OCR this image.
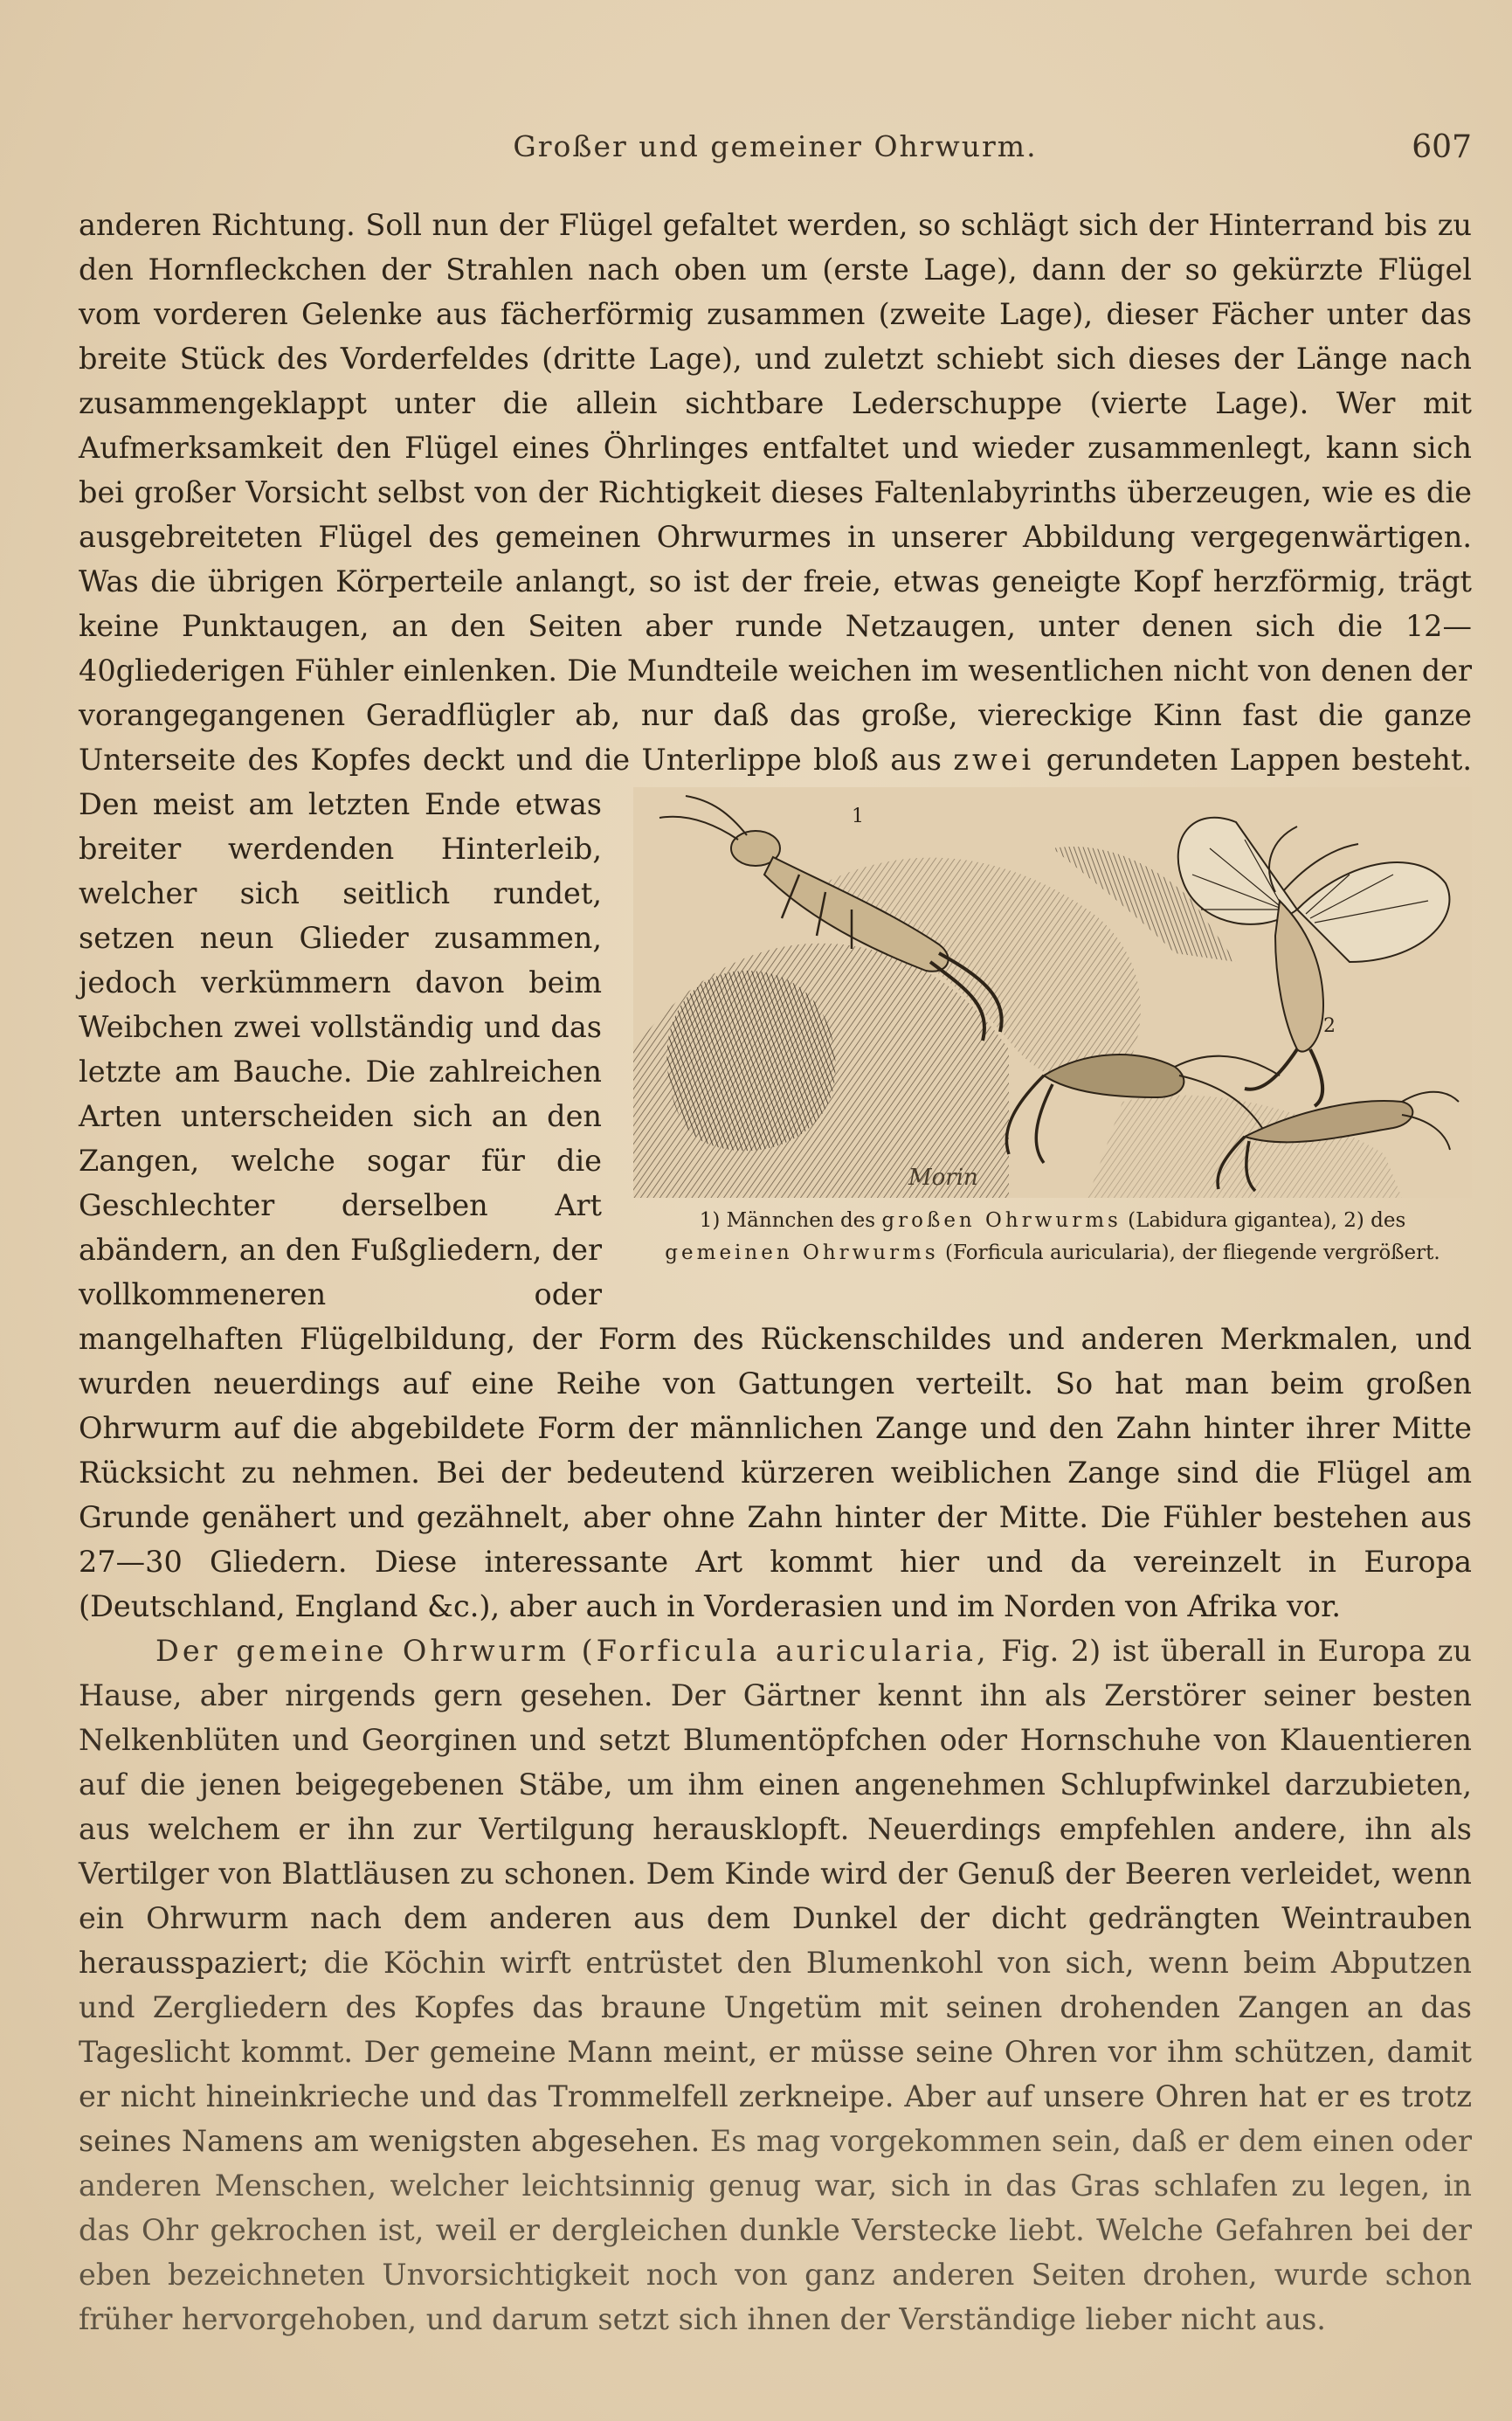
Großer und gemeiner Ohrwurm.	607

anderen Richtung. Soll nun der Flügel gefaltet werden, so schlägt sich der Hinterrand bis zu den Hornfleckchen der Strahlen nach oben um (erste Lage), dann der so gekürzte Flügel vom vorderen Gelenke aus fächerförmig zusammen (zweite Lage), dieser Fächer unter das breite Stück des Vorderfeldes (dritte Lage), und zuletzt schiebt sich dieses der Länge nach zusammengeklappt unter die allein sichtbare Lederschuppe (vierte Lage). Wer mit Aufmerksamkeit den Flügel eines Öhrlinges entfaltet und wieder zusammenlegt, kann sich bei großer Vorsicht selbst von der Richtigkeit dieses Faltenlabyrinths überzeugen, wie es die ausgebreiteten Flügel des gemeinen Ohrwurmes in unserer Abbildung vergegenwärtigen. Was die übrigen Körperteile anlangt, so ist der freie, etwas geneigte Kopf herzförmig, trägt keine Punktaugen, an den Seiten aber runde Netzaugen, unter denen sich die 12—40gliederigen Fühler einlenken. Die Mundteile weichen im wesentlichen nicht von denen der vorangegangenen Geradflügler ab, nur daß das große, viereckige Kinn fast die ganze Unterseite des Kopfes deckt und die Unterlippe bloß aus zwei
1
2
Morin
1) Männchen des großen Ohrwurms (Labidura gigantea), 2) des gemeinen Ohrwurms (Forficula auricularia), der fliegende vergrößert.
gerundeten Lappen besteht. Den meist am letzten Ende etwas breiter werdenden Hinterleib, welcher sich seitlich rundet, setzen neun Glieder zusammen, jedoch verkümmern davon beim Weibchen zwei vollständig und das letzte am Bauche. Die zahlreichen Arten unterscheiden sich an den Zangen, welche sogar für die Geschlechter derselben Art abändern, an den Fußgliedern, der vollkommeneren oder mangelhaften Flügelbildung, der Form des Rückenschildes und anderen Merkmalen, und wurden neuerdings auf eine Reihe von Gattungen verteilt. So hat man beim großen Ohrwurm auf die abgebildete Form der männlichen Zange und den Zahn hinter ihrer Mitte Rücksicht zu nehmen. Bei der bedeutend kürzeren weiblichen Zange sind die Flügel am Grunde genähert und gezähnelt, aber ohne Zahn hinter der Mitte. Die Fühler bestehen aus 27—30 Gliedern. Diese interessante Art kommt hier und da vereinzelt in Europa (Deutschland, England &c.), aber auch in Vorderasien und im Norden von Afrika vor.

Der gemeine Ohrwurm (Forficula auricularia, Fig. 2) ist überall in Europa zu Hause, aber nirgends gern gesehen. Der Gärtner kennt ihn als Zerstörer seiner besten Nelkenblüten und Georginen und setzt Blumentöpfchen oder Hornschuhe von Klauentieren auf die jenen beigegebenen Stäbe, um ihm einen angenehmen Schlupfwinkel darzubieten, aus welchem er ihn zur Vertilgung herausklopft. Neuerdings empfehlen andere, ihn als Vertilger von Blattläusen zu schonen. Dem Kinde wird der Genuß der Beeren verleidet, wenn ein Ohrwurm nach dem anderen aus dem Dunkel der dicht gedrängten Weintrauben herausspaziert; die Köchin wirft entrüstet den Blumenkohl von sich, wenn beim Abputzen und Zergliedern des Kopfes das braune Ungetüm mit seinen drohenden Zangen an das Tageslicht kommt. Der gemeine Mann meint, er müsse seine Ohren vor ihm schützen, damit er nicht hineinkrieche und das Trommelfell zerkneipe. Aber auf unsere Ohren hat er es trotz seines Namens am wenigsten abgesehen. Es mag vorgekommen sein, daß er dem einen oder anderen Menschen, welcher leichtsinnig genug war, sich in das Gras schlafen zu legen, in das Ohr gekrochen ist, weil er dergleichen dunkle Verstecke liebt. Welche Gefahren bei der eben bezeichneten Unvorsichtigkeit noch von ganz anderen Seiten drohen, wurde schon früher hervorgehoben, und darum setzt sich ihnen der Verständige lieber nicht aus.
